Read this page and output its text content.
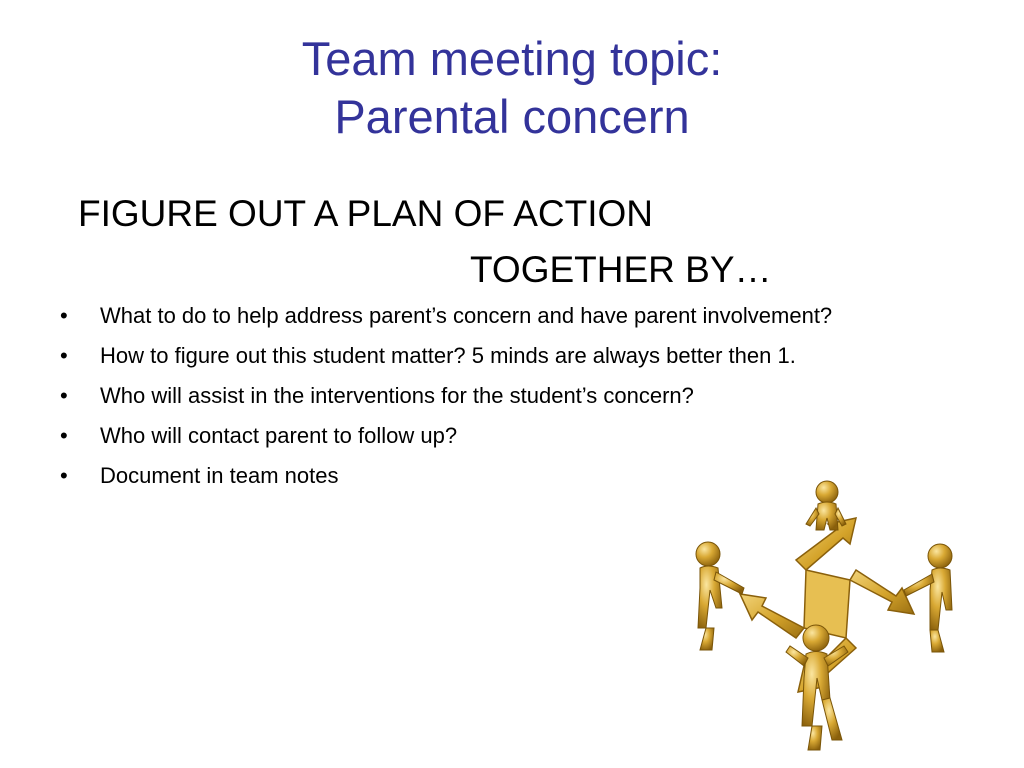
Team meeting topic:
Parental concern
FIGURE OUT A PLAN OF ACTION
TOGETHER BY…
• What to do to help address parent’s concern and have parent involvement?
• How to figure out this student matter? 5 minds are always better then 1.
• Who will assist in the interventions for the student’s concern?
• Who will contact parent to follow up?
• Document in team notes
